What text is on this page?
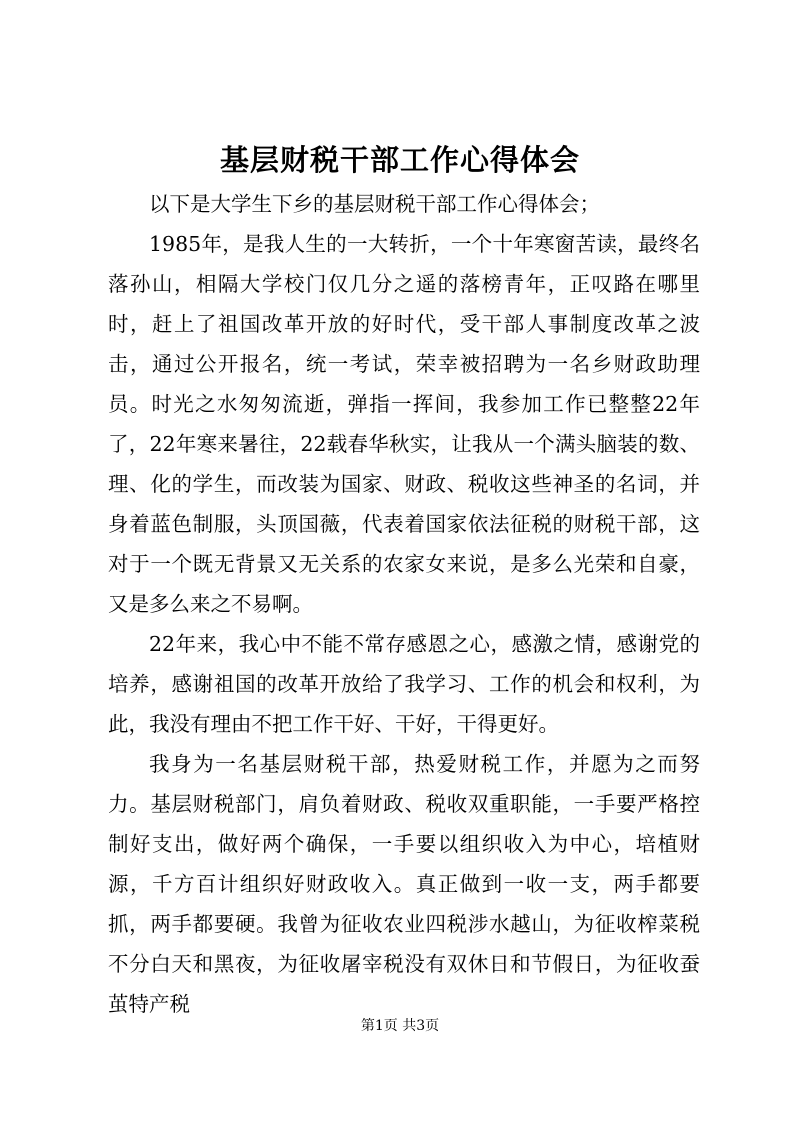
基层财税干部工作心得体会

以下是大学生下乡的基层财税干部工作心得体会；

1985年，是我人生的一大转折，一个十年寒窗苦读，最终名落孙山，相隔大学校门仅几分之遥的落榜青年，正叹路在哪里时，赶上了祖国改革开放的好时代，受干部人事制度改革之波击，通过公开报名，统一考试，荣幸被招聘为一名乡财政助理员。时光之水匆匆流逝，弹指一挥间，我参加工作已整整22年了，22年寒来暑往，22载春华秋实，让我从一个满头脑装的数、理、化的学生，而改装为国家、财政、税收这些神圣的名词，并身着蓝色制服，头顶国薇，代表着国家依法征税的财税干部，这对于一个既无背景又无关系的农家女来说，是多么光荣和自豪，又是多么来之不易啊。

22年来，我心中不能不常存感恩之心，感激之情，感谢党的培养，感谢祖国的改革开放给了我学习、工作的机会和权利，为此，我没有理由不把工作干好、干好，干得更好。

我身为一名基层财税干部，热爱财税工作，并愿为之而努力。基层财税部门，肩负着财政、税收双重职能，一手要严格控制好支出，做好两个确保，一手要以组织收入为中心，培植财源，千方百计组织好财政收入。真正做到一收一支，两手都要抓，两手都要硬。我曾为征收农业四税涉水越山，为征收榨菜税不分白天和黑夜，为征收屠宰税没有双休日和节假日，为征收蚕茧特产税

第1页 共3页
